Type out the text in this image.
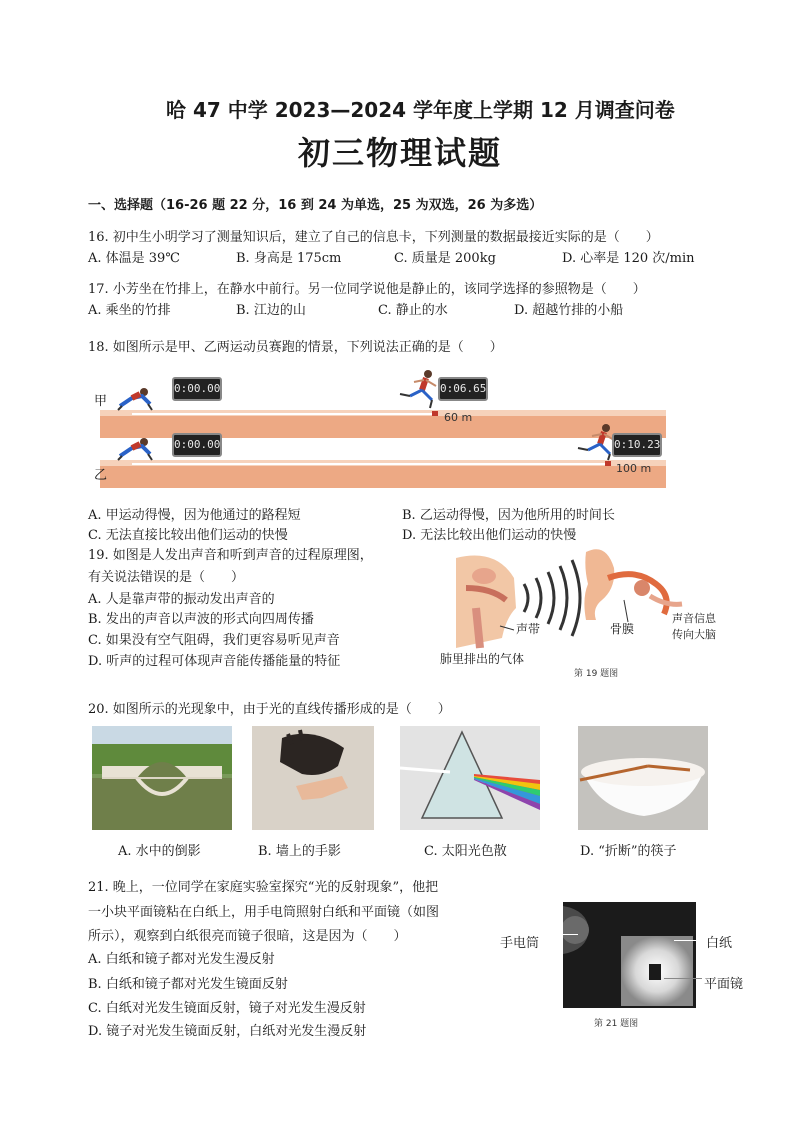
哈 47 中学 2023—2024 学年度上学期 12 月调查问卷
初三物理试题
一、选择题（16-26 题 22 分，16 到 24 为单选，25 为双选，26 为多选）
16. 初中生小明学习了测量知识后，建立了自己的信息卡，下列测量的数据最接近实际的是（　　）
A. 体温是 39℃	B. 身高是 175cm	C. 质量是 200kg	D. 心率是 120 次/min
17. 小芳坐在竹排上，在静水中前行。另一位同学说他是静止的，该同学选择的参照物是（　　）
A. 乘坐的竹排	B. 江边的山	C. 静止的水	D. 超越竹排的小船
18. 如图所示是甲、乙两运动员赛跑的情景，下列说法正确的是（　　）
甲
乙
0:00.00	0:06.65
0:00.00	0:10.23
60 m
100 m
A. 甲运动得慢，因为他通过的路程短	B. 乙运动得慢，因为他所用的时间长
C. 无法直接比较出他们运动的快慢	D. 无法比较出他们运动的快慢
19. 如图是人发出声音和听到声音的过程原理图，
有关说法错误的是（　　）
A. 人是靠声带的振动发出声音的
B. 发出的声音以声波的形式向四周传播
C. 如果没有空气阻碍，我们更容易听见声音
D. 听声的过程可体现声音能传播能量的特征
声带	骨膜
声音信息
传向大脑
肺里排出的气体
第 19 题图
20. 如图所示的光现象中，由于光的直线传播形成的是（　　）
A. 水中的倒影	B. 墙上的手影	C. 太阳光色散	D. “折断”的筷子
21. 晚上，一位同学在家庭实验室探究“光的反射现象”，他把
一小块平面镜粘在白纸上，用手电筒照射白纸和平面镜（如图
所示），观察到白纸很亮而镜子很暗，这是因为（　　）
A. 白纸和镜子都对光发生漫反射
B. 白纸和镜子都对光发生镜面反射
C. 白纸对光发生镜面反射，镜子对光发生漫反射
D. 镜子对光发生镜面反射，白纸对光发生漫反射
手电筒	白纸
平面镜
第 21 题图
